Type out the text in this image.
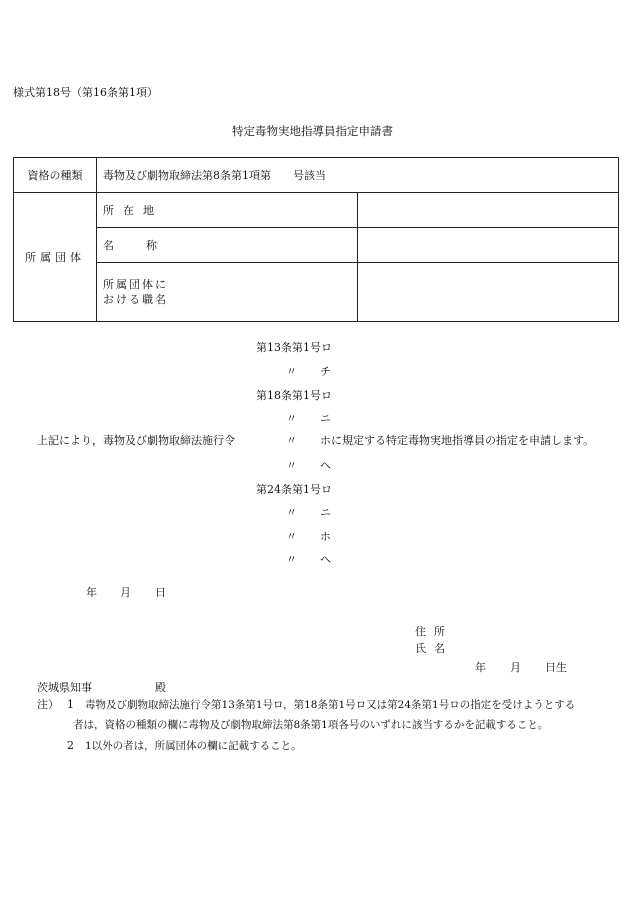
様式第18号（第16条第1項）
特定毒物実地指導員指定申請書
資格の種類	毒物及び劇物取締法第8条第1項第　　号該当	
所属団体	所在地	
	名称	

	所属団体に
おける職名	

第13条第1号ロ
〃 チ
第18条第1号ロ
〃 ニ
〃 ホ
〃 ヘ
第24条第1号ロ
〃 ニ
〃 ホ
〃 ヘ
上記により，毒物及び劇物取締法施行令	に規定する特定毒物実地指導員の指定を申請します。
年 月 日
住所
氏名
年 月 日生
茨城県知事	殿
注） 1 毒物及び劇物取締法施行令第13条第1号ロ，第18条第1号ロ又は第24条第1号ロの指定を受けようとする
者は，資格の種類の欄に毒物及び劇物取締法第8条第1項各号のいずれに該当するかを記載すること。
2 1以外の者は，所属団体の欄に記載すること。
